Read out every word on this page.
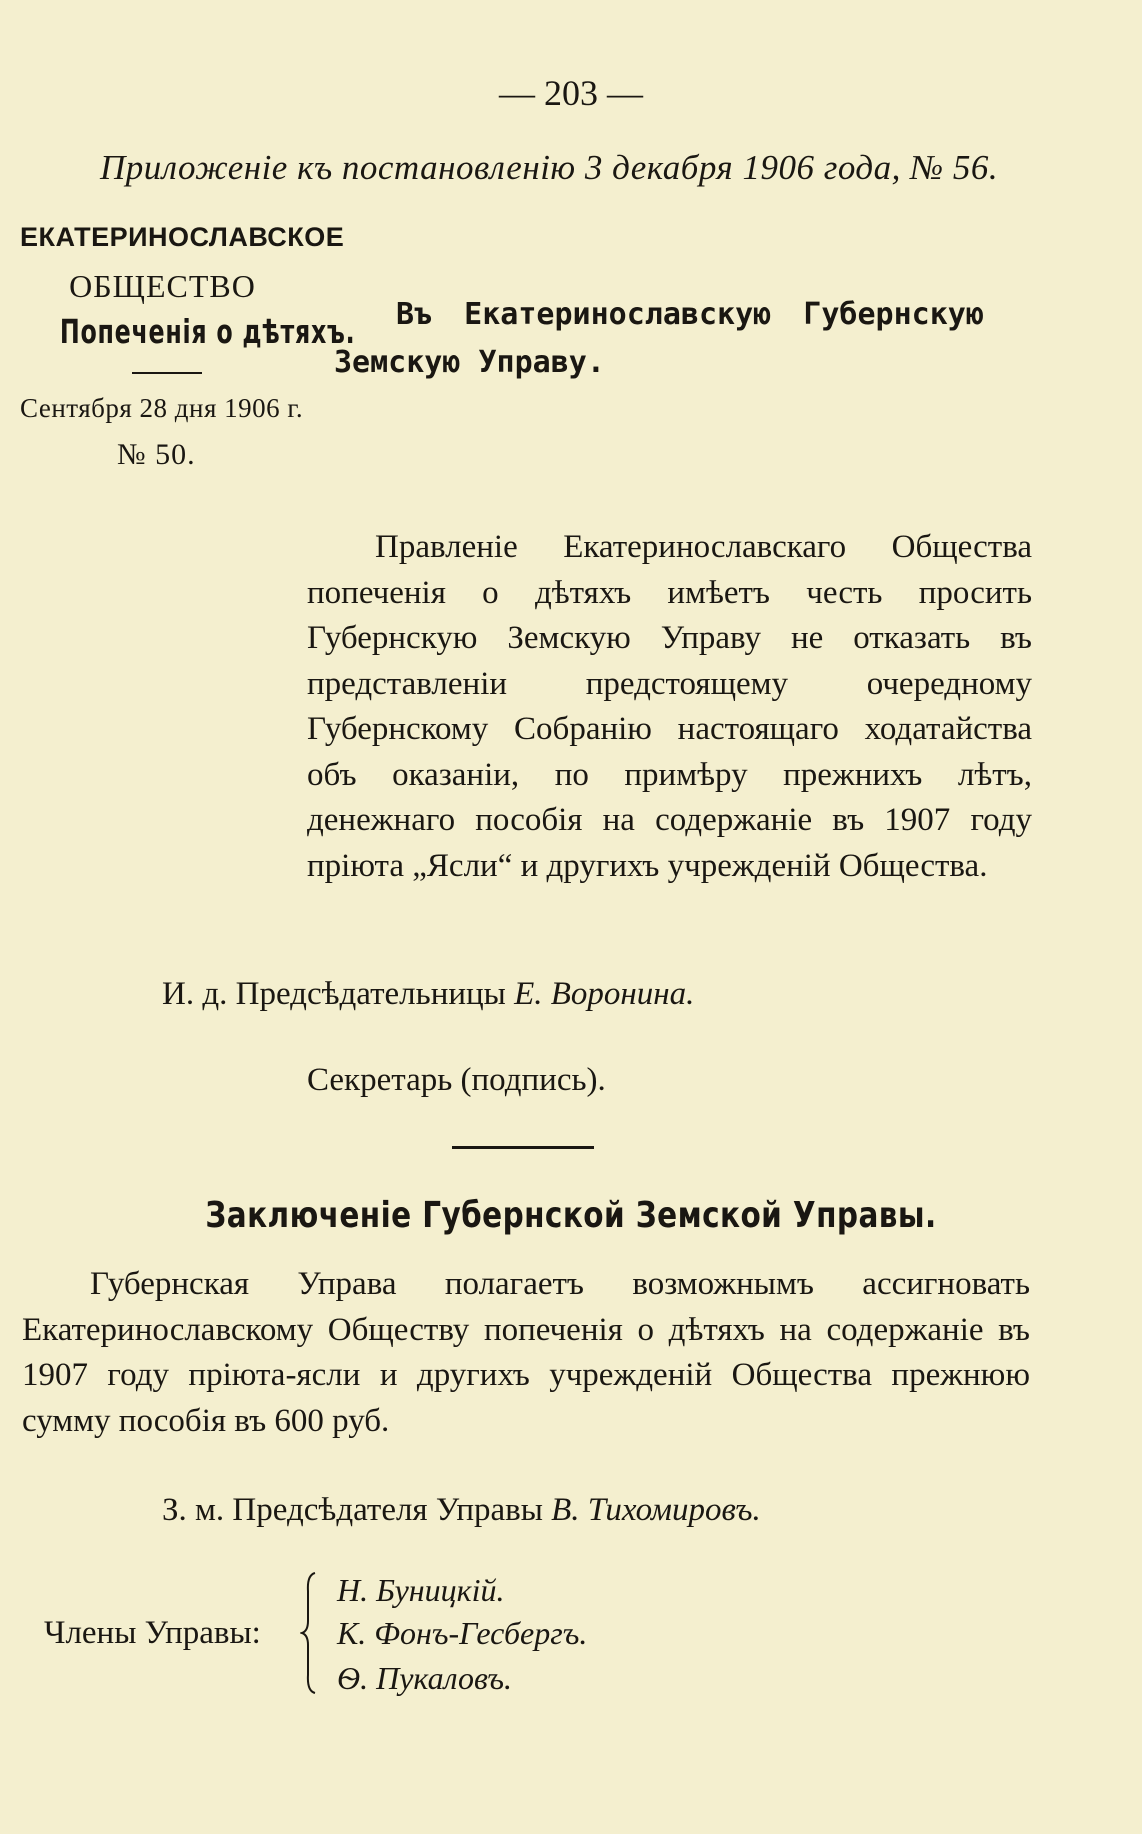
— 203 —
Приложеніе къ постановленію 3 декабря 1906 года, № 56.
ЕКАТЕРИНОСЛАВСКОЕ
ОБЩЕСТВО
Попеченія о дѣтяхъ.
Сентября 28 дня 1906 г.
№ 50.
Въ Екатеринославскую Губернскую
Земскую Управу.
Правленіе Екатеринославскаго Общества попеченія о дѣтяхъ имѣетъ честь просить Губернскую Земскую Управу не отказать въ представленіи предстоящему очередному Губернскому Собранію настоящаго ходатайства объ оказаніи, по примѣру прежнихъ лѣтъ, денежнаго пособія на содержаніе въ 1907 году пріюта „Ясли“ и другихъ учрежденій Общества.
И. д. Предсѣдательницы Е. Воронина.
Секретарь (подпись).
Заключеніе Губернской Земской Управы.
Губернская Управа полагаетъ возможнымъ ассигновать Екатеринославскому Обществу попеченія о дѣтяхъ на содержаніе въ 1907 году пріюта-ясли и другихъ учрежденій Общества прежнюю сумму пособія въ 600 руб.
З. м. Предсѣдателя Управы В. Тихомировъ.
Члены Управы:
Н. Буницкій.
К. Фонъ-Гесбергъ.
Ѳ. Пукаловъ.
